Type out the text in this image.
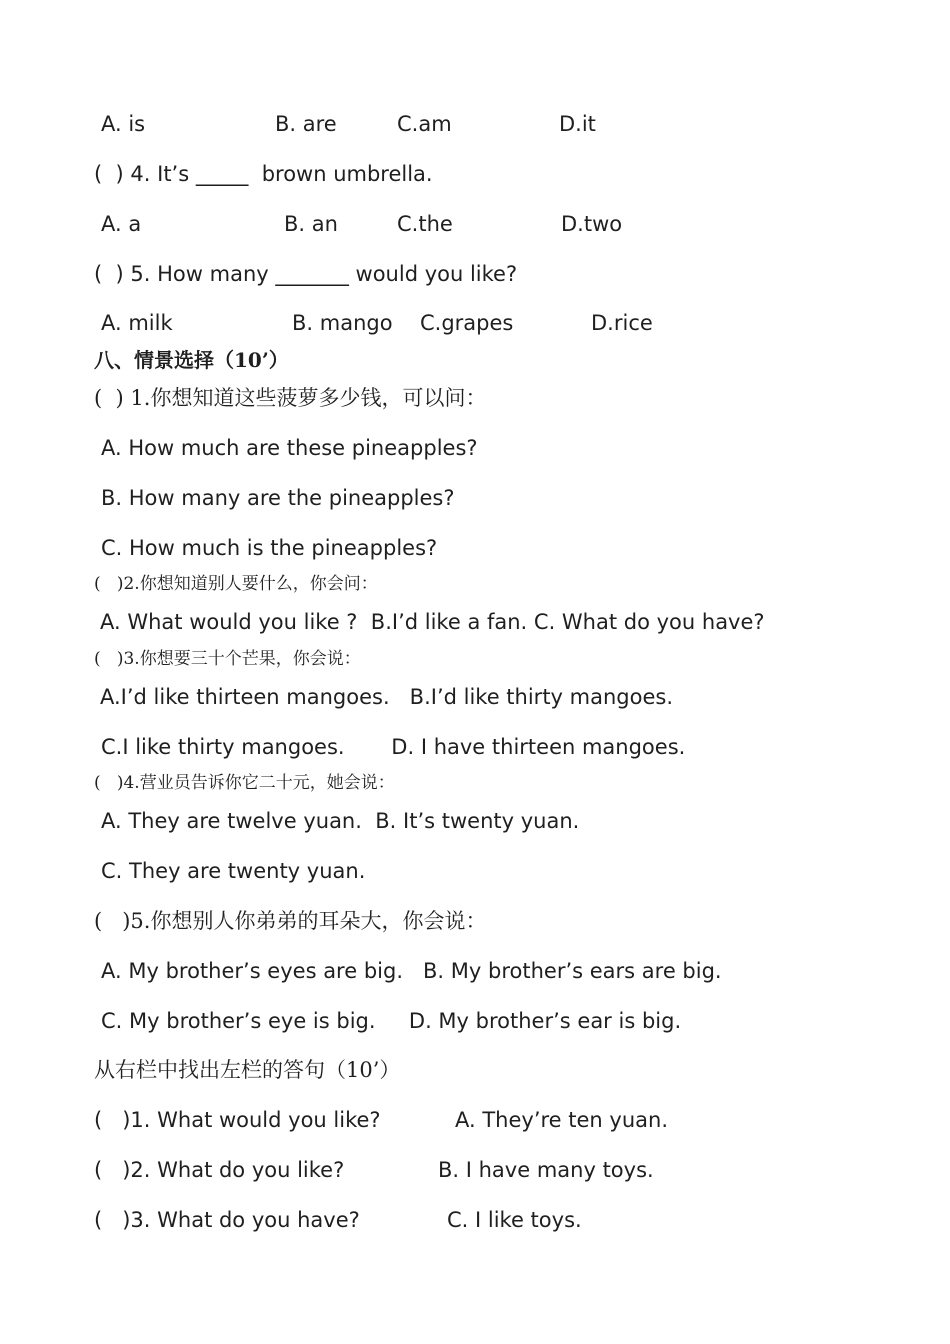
A. is	B. are	C.am	D.it
(  ) 4. It’s _____  brown umbrella.
A. a	B. an	C.the	D.two
(  ) 5. How many _______ would you like?
A. milk	B. mango C.grapes	D.rice
八、情景选择（10’）
(  ) 1.你想知道这些菠萝多少钱，可以问：
A. How much are these pineapples?
B. How many are the pineapples?
C. How much is the pineapples?
(   )2.你想知道别人要什么，你会问：
A. What would you like ?  B.I’d like a fan. C. What do you have?
(   )3.你想要三十个芒果，你会说：
A.I’d like thirteen mangoes.   B.I’d like thirty mangoes.
C.I like thirty mangoes.       D. I have thirteen mangoes.
(   )4.营业员告诉你它二十元，她会说：
A. They are twelve yuan.  B. It’s twenty yuan.
C. They are twenty yuan.
(   )5.你想别人你弟弟的耳朵大，你会说：
A. My brother’s eyes are big.   B. My brother’s ears are big.
C. My brother’s eye is big.     D. My brother’s ear is big.
从右栏中找出左栏的答句（10’）
(   )1. What would you like?	A. They’re ten yuan.
(   )2. What do you like?	B. I have many toys.
(   )3. What do you have?	C. I like toys.
